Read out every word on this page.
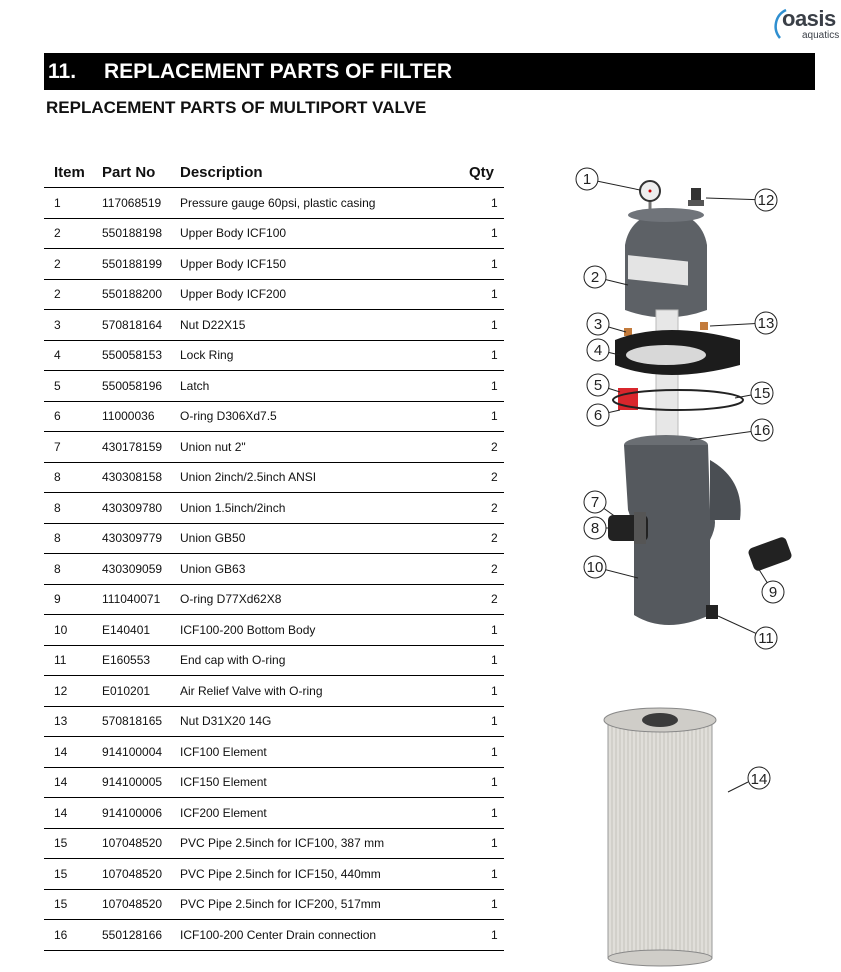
oasis
aquatics
11.	REPLACEMENT PARTS OF FILTER
REPLACEMENT PARTS OF MULTIPORT VALVE
Item	Part No	Description	Qty
1	117068519	Pressure gauge 60psi, plastic casing	1
2	550188198	Upper Body ICF100	1
2	550188199	Upper Body ICF150	1
2	550188200	Upper Body ICF200	1
3	570818164	Nut D22X15	1
4	550058153	Lock Ring	1
5	550058196	Latch	1
6	11000036	O-ring D306Xd7.5	1
7	430178159	Union nut 2"	2
8	430308158	Union 2inch/2.5inch ANSI	2
8	430309780	Union 1.5inch/2inch	2
8	430309779	Union GB50	2
8	430309059	Union GB63	2
9	111040071	O-ring D77Xd62X8	2
10	E140401	ICF100-200 Bottom Body	1
11	E160553	End cap with O-ring	1
12	E010201	Air Relief Valve with O-ring	1
13	570818165	Nut D31X20 14G	1
14	914100004	ICF100 Element	1
14	914100005	ICF150 Element	1
14	914100006	ICF200 Element	1
15	107048520	PVC Pipe 2.5inch for ICF100, 387 mm	1
15	107048520	PVC Pipe 2.5inch for ICF150, 440mm	1
15	107048520	PVC Pipe 2.5inch for ICF200, 517mm	1
16	550128166	ICF100-200 Center Drain connection	1
1
2
3
4
5
6
7
8
10
12
13
15
16
9
11
14
